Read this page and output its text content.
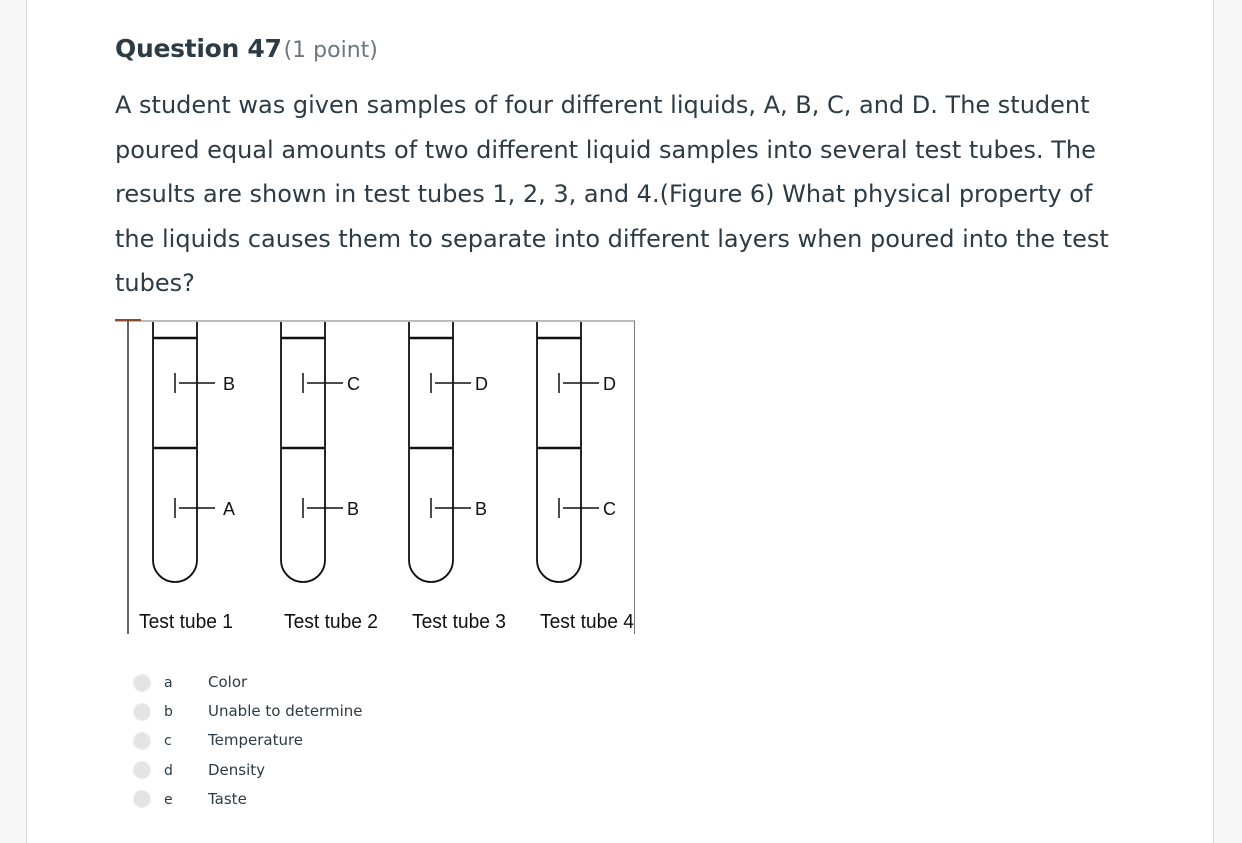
Question 47(1 point)
A student was given samples of four different liquids, A, B, C, and D. The student poured equal amounts of two different liquid samples into several test tubes. The results are shown in test tubes 1, 2, 3, and 4.(Figure 6) What physical property of the liquids causes them to separate into different layers when poured into the test tubes?
B
A
Test tube 1
C
B
Test tube 2
D
B
Test tube 3
D
C
Test tube 4
a Color
b Unable to determine
c Temperature
d Density
e Taste
